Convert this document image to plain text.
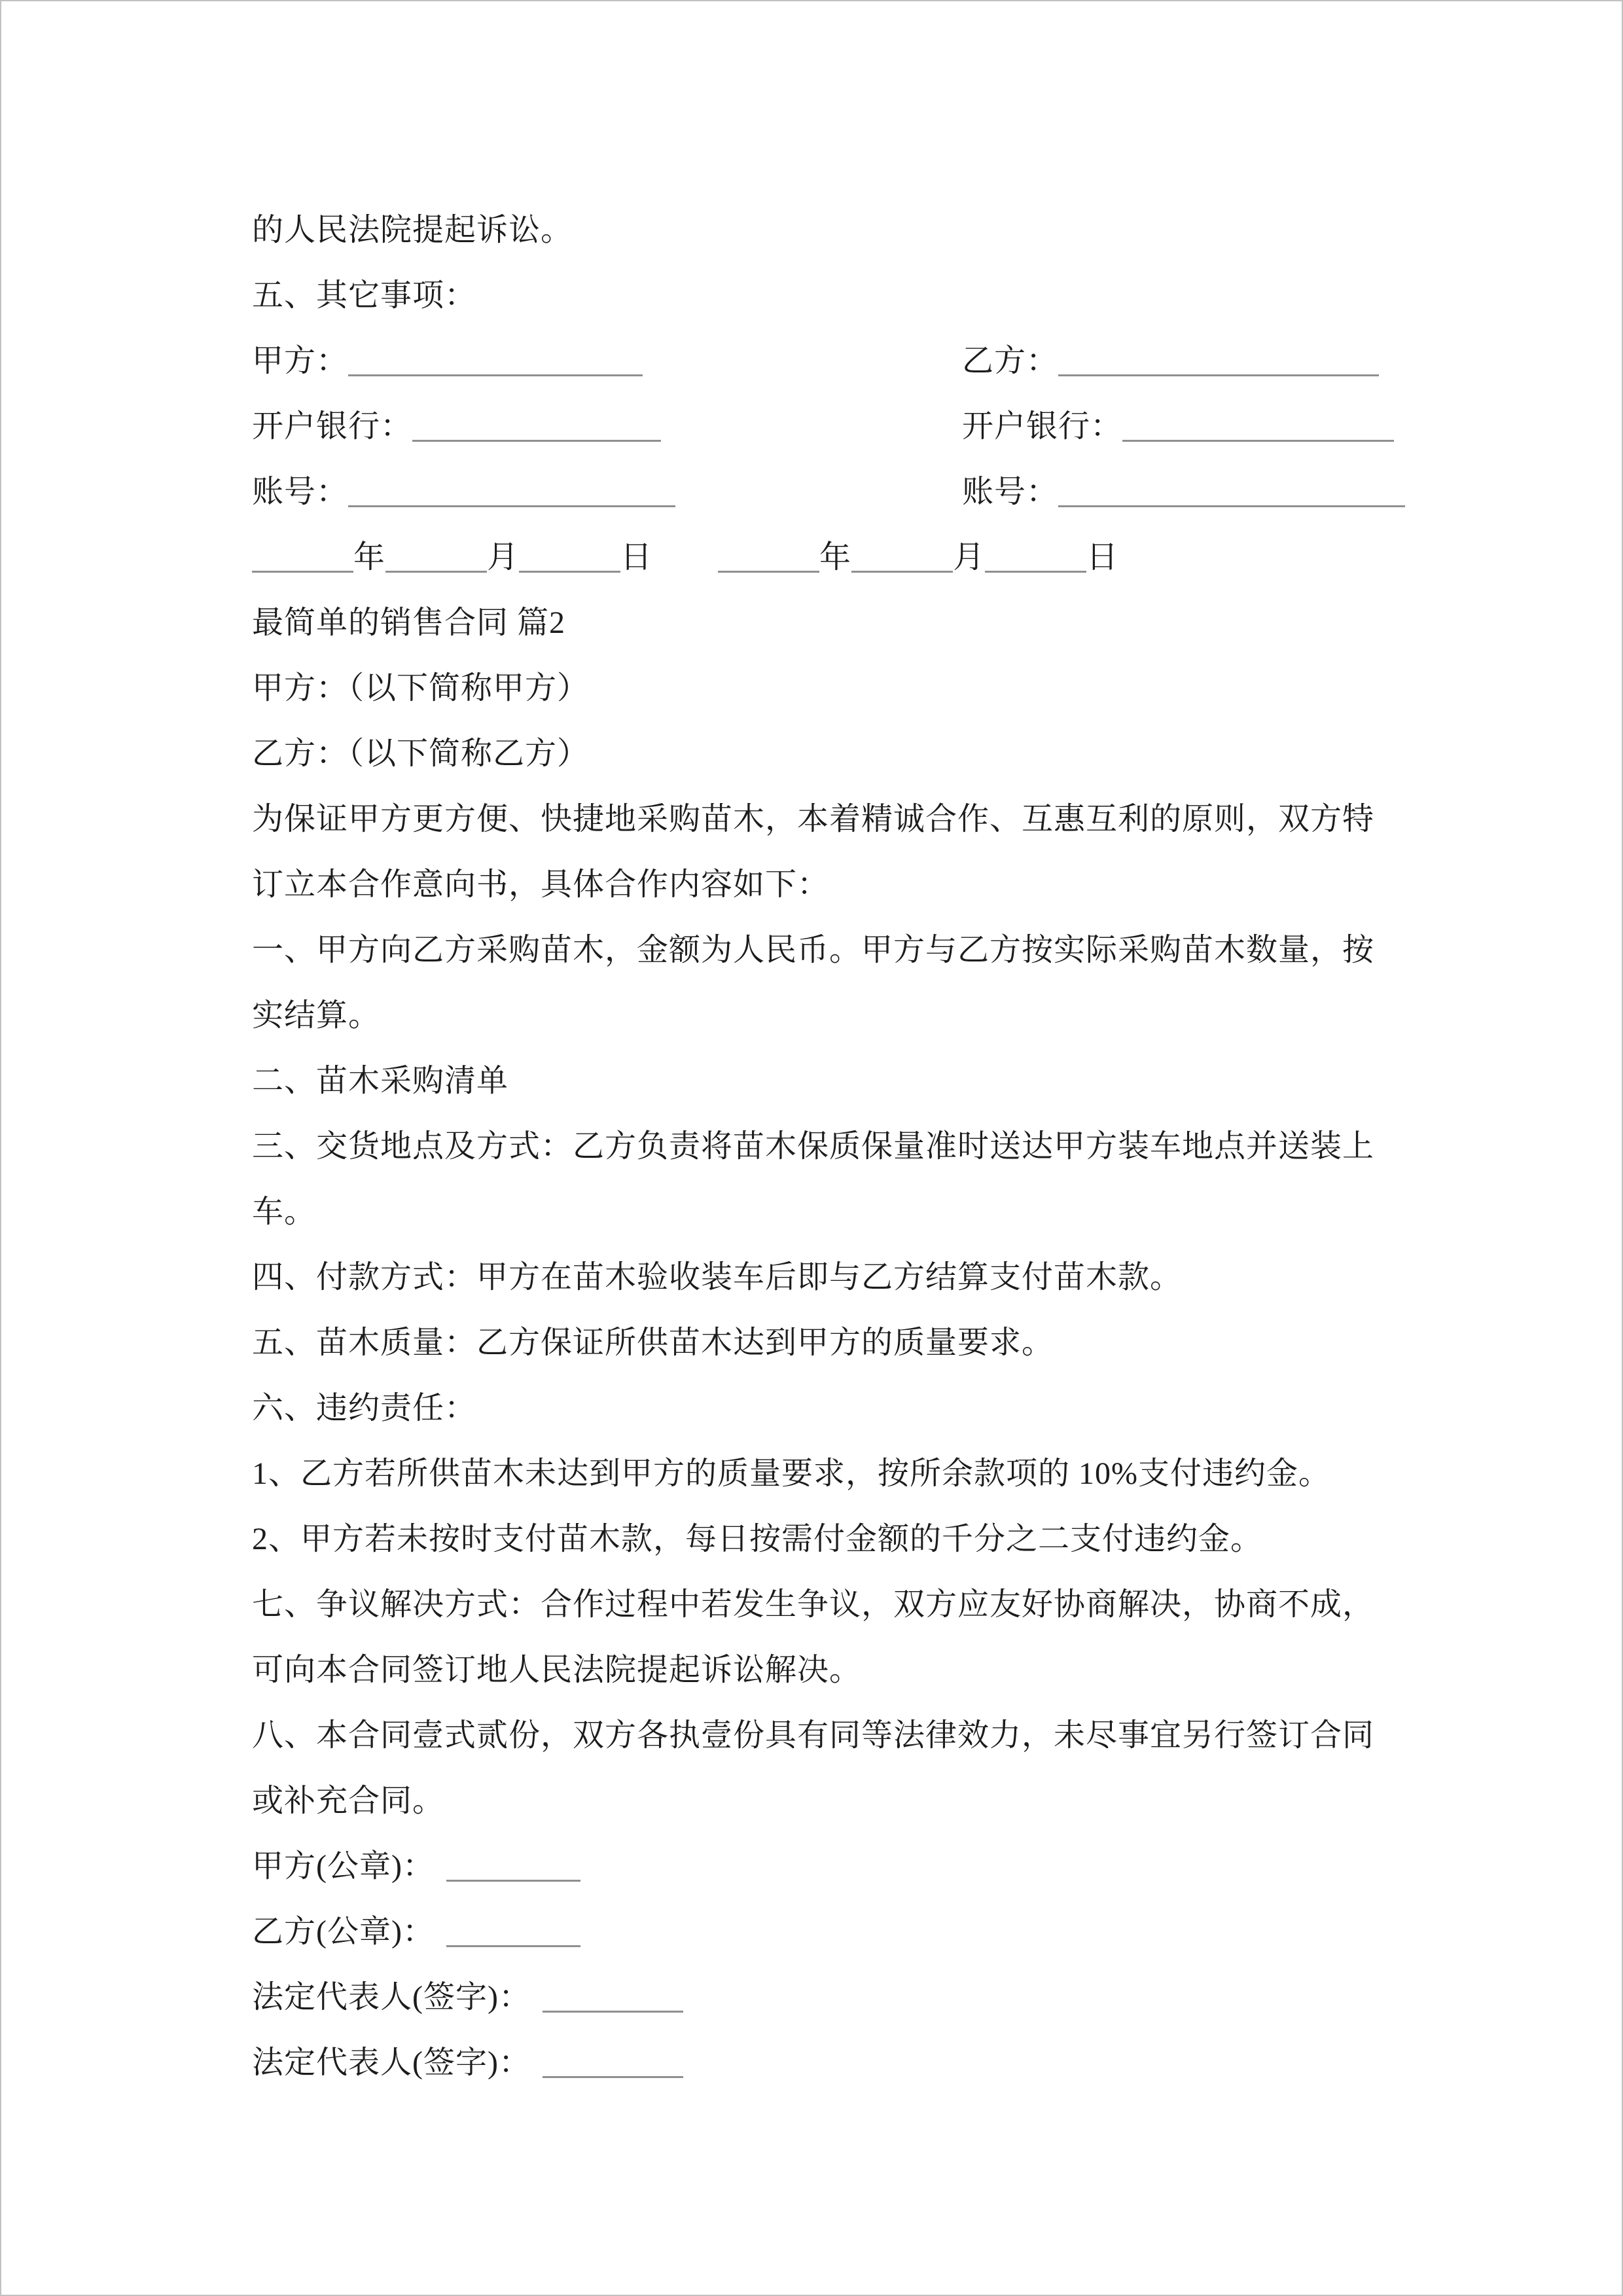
的人民法院提起诉讼。
五、其它事项：
甲方：	乙方：
开户银行：	开户银行：
账号：	账号：
年	月	日	年	月	日
最简单的销售合同 篇2
甲方：（以下简称甲方）
乙方：（以下简称乙方）
为保证甲方更方便、快捷地采购苗木，本着精诚合作、互惠互利的原则，双方特
订立本合作意向书，具体合作内容如下：
一、甲方向乙方采购苗木，金额为人民币。甲方与乙方按实际采购苗木数量，按
实结算。
二、苗木采购清单
三、交货地点及方式：乙方负责将苗木保质保量准时送达甲方装车地点并送装上
车。
四、付款方式：甲方在苗木验收装车后即与乙方结算支付苗木款。
五、苗木质量：乙方保证所供苗木达到甲方的质量要求。
六、违约责任：
1、乙方若所供苗木未达到甲方的质量要求，按所余款项的 10%支付违约金。
2、甲方若未按时支付苗木款，每日按需付金额的千分之二支付违约金。
七、争议解决方式：合作过程中若发生争议，双方应友好协商解决，协商不成，
可向本合同签订地人民法院提起诉讼解决。
八、本合同壹式贰份，双方各执壹份具有同等法律效力，未尽事宜另行签订合同
或补充合同。
甲方(公章)：
乙方(公章)：
法定代表人(签字)：
法定代表人(签字)：
